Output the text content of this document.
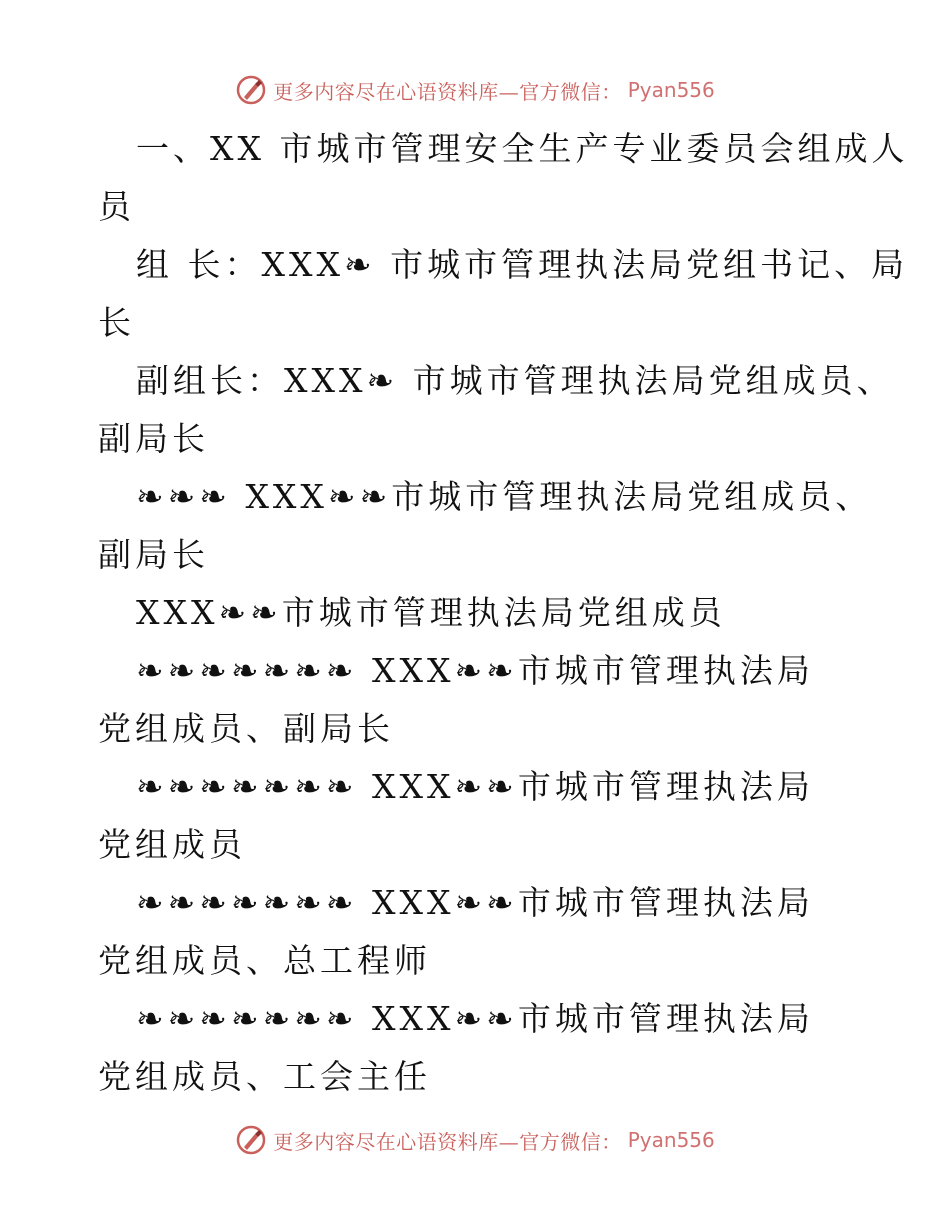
更多内容尽在心语资料库—官方微信： Pyan556
一、XX 市城市管理安全生产专业委员会组成人
员
组 长：XXX❧ 市城市管理执法局党组书记、局
长
副组长：XXX❧ 市城市管理执法局党组成员、
副局长
❧❧❧ XXX❧❧市城市管理执法局党组成员、
副局长
XXX❧❧市城市管理执法局党组成员
❧❧❧❧❧❧❧ XXX❧❧市城市管理执法局
党组成员、副局长
❧❧❧❧❧❧❧ XXX❧❧市城市管理执法局
党组成员
❧❧❧❧❧❧❧ XXX❧❧市城市管理执法局
党组成员、总工程师
❧❧❧❧❧❧❧ XXX❧❧市城市管理执法局
党组成员、工会主任
更多内容尽在心语资料库—官方微信： Pyan556
